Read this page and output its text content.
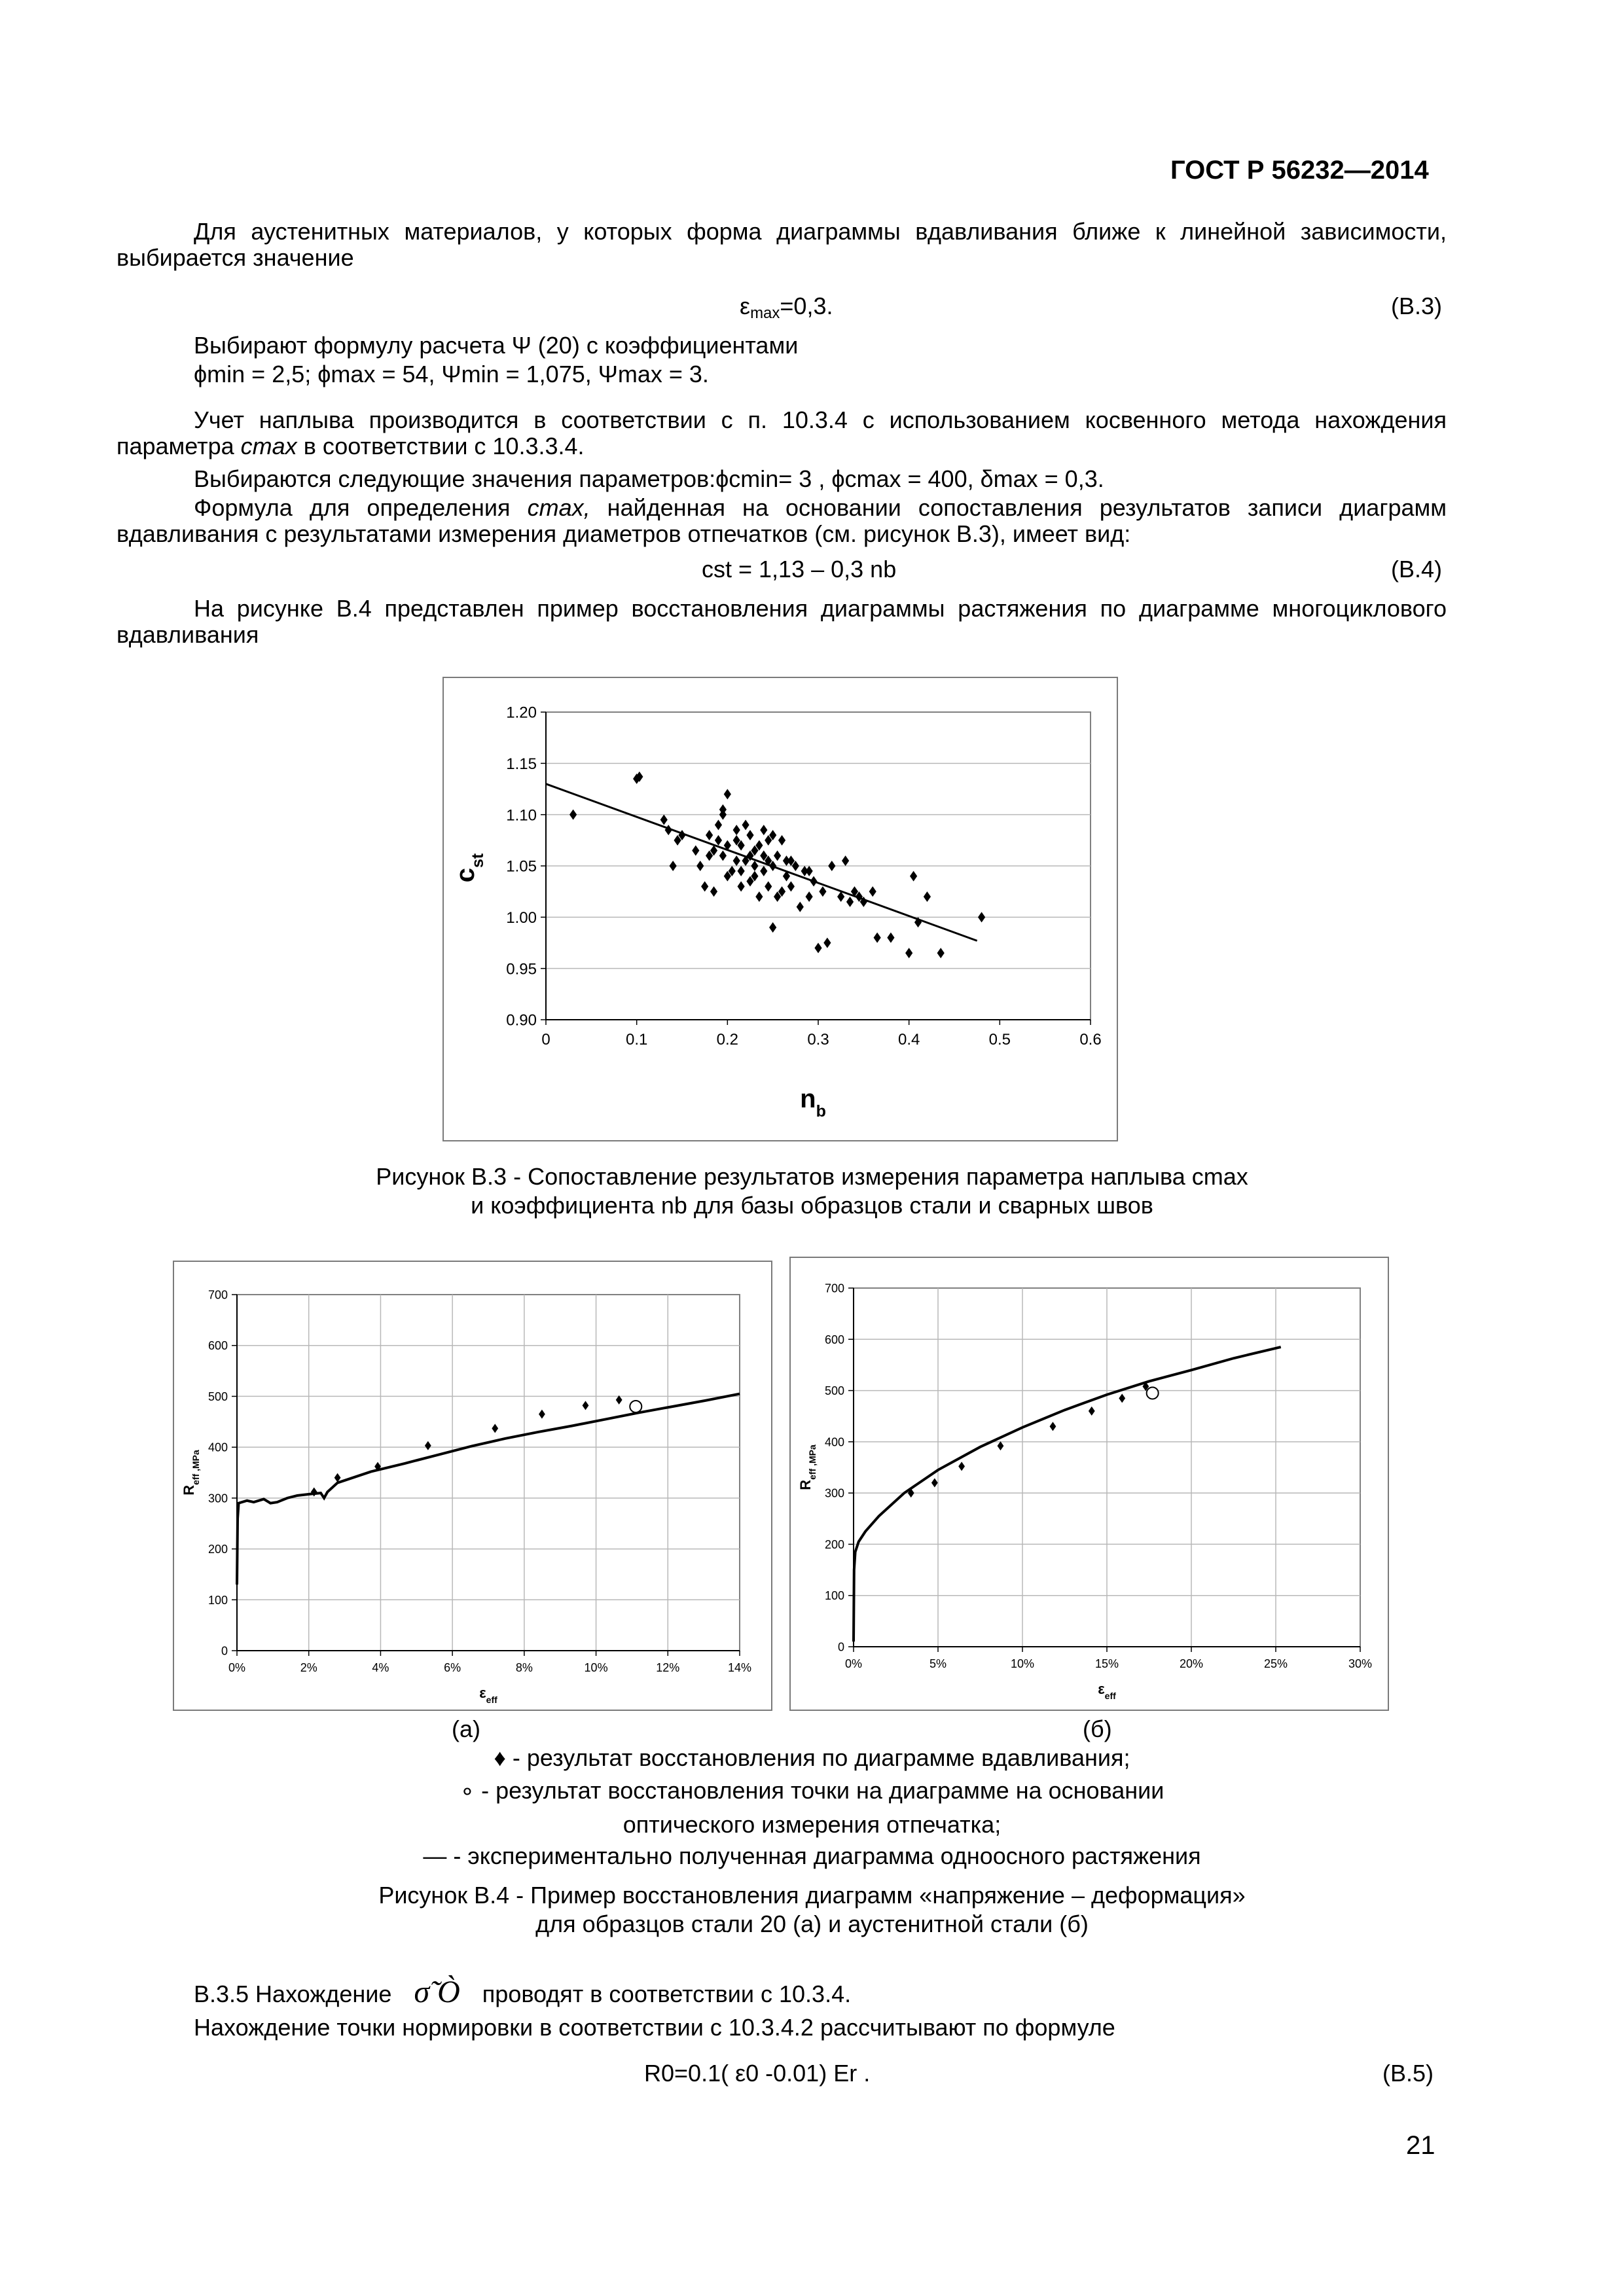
ГОСТ Р 56232—2014
Для аустенитных материалов, у которых форма диаграммы вдавливания ближе к линейной зависимости, выбирается значение
$\varepsilon_{max}=0,3$.	(B.3)
Выбирают формулу расчета Ψ (20) с коэффициентами
ϕmin = 2,5; ϕmax = 54, Ψmin = 1,075, Ψmax = 3.
Учет наплыва производится в соответствии с п. 10.3.4 с использованием косвенного метода нахождения параметра cmax в соответствии с 10.3.3.4.
Выбираются следующие значения параметров:ϕcmin= 3 , ϕcmax = 400, δmax = 0,3.
Формула для определения cmax, найденная на основании сопоставления результатов записи диаграмм вдавливания с результатами измерения диаметров отпечатков (см. рисунок В.3), имеет вид:
cst = 1,13 – 0,3 nb	(B.4)
На рисунке В.4 представлен пример восстановления диаграммы растяжения по диаграмме многоциклового вдавливания
0.90
0.95
1.00
1.05
1.10
1.15
1.20
0	0.1	0.2	0.3	0.4	0.5	0.6
$n_b$
$c_{st}$
Рисунок В.3 - Сопоставление результатов измерения параметра наплыва cmax
и коэффициента nb для базы образцов стали и сварных швов
0
100
200
300
400
500
600
700
0%	2%	4%	6%	8%	10%	12%	14%
$\varepsilon_{eff}$
$R_{eff ,MPa}$
0
100
200
300
400
500
600
700
0%	5%	10%	15%	20%	25%	30%
$\varepsilon_{eff}$
$R_{eff ,MPa}$
(а)	(б)
♦ - результат восстановления по диаграмме вдавливания;
∘ - результат восстановления точки на диаграмме на основании
оптического измерения отпечатка;
— - экспериментально полученная диаграмма одноосного растяжения
Рисунок В.4 - Пример восстановления диаграмм «напряжение – деформация»
для образцов стали 20 (а) и аустенитной стали (б)
В.3.5 Нахождение σ̃ Ò проводят в соответствии с 10.3.4.
Нахождение точки нормировки в соответствии с 10.3.4.2 рассчитывают по формуле
R0=0.1( ε0 -0.01) Er .	(B.5)
21
